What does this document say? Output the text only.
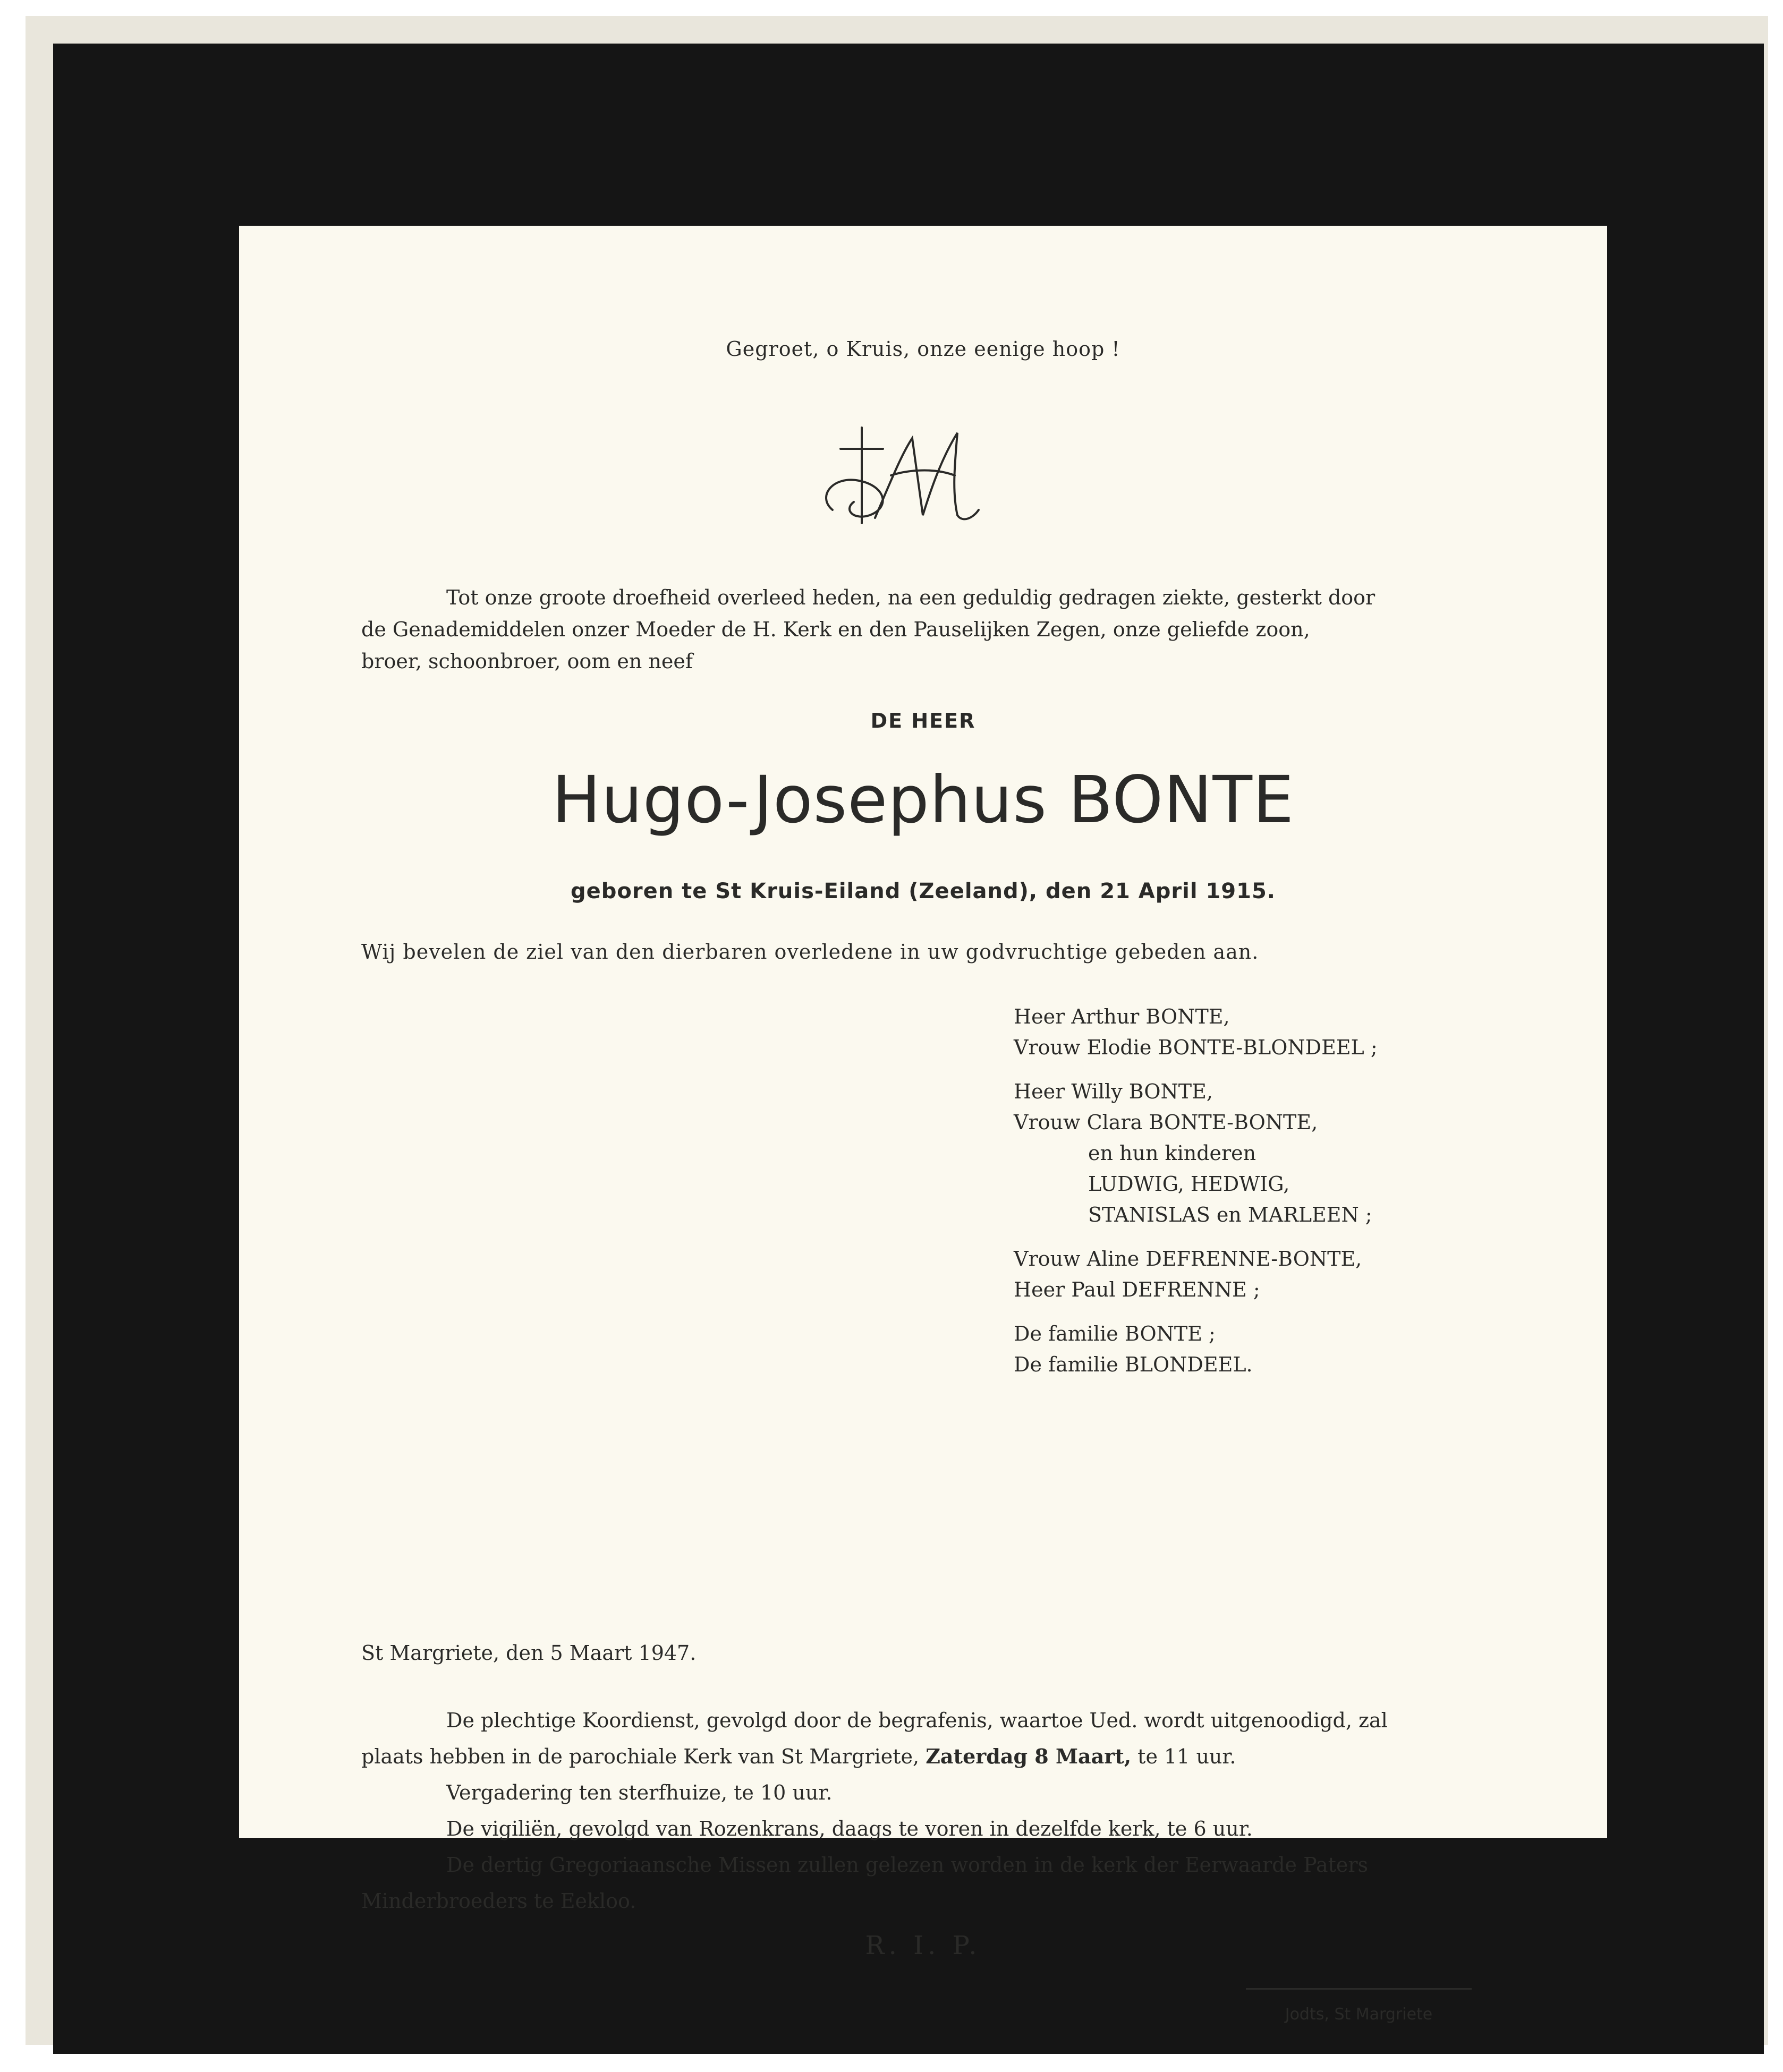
Gegroet, o Kruis, onze eenige hoop !
Tot onze groote droefheid overleed heden, na een geduldig gedragen ziekte, gesterkt door
de Genademiddelen onzer Moeder de H. Kerk en den Pauselijken Zegen, onze geliefde zoon,
broer, schoonbroer, oom en neef
DE HEER
Hugo-Josephus BONTE
geboren te St Kruis-Eiland (Zeeland), den 21 April 1915.
Wij bevelen de ziel van den dierbaren overledene in uw godvruchtige gebeden aan.
Heer Arthur BONTE,
Vrouw Elodie BONTE-BLONDEEL ;
Heer Willy BONTE,
Vrouw Clara BONTE-BONTE,
en hun kinderen
LUDWIG, HEDWIG,
STANISLAS en MARLEEN ;
Vrouw Aline DEFRENNE-BONTE,
Heer Paul DEFRENNE ;
De familie BONTE ;
De familie BLONDEEL.
St Margriete, den 5 Maart 1947.
De plechtige Koordienst, gevolgd door de begrafenis, waartoe Ued. wordt uitgenoodigd, zal
plaats hebben in de parochiale Kerk van St Margriete, Zaterdag 8 Maart, te 11 uur.
Vergadering ten sterfhuize, te 10 uur.
De vigiliën, gevolgd van Rozenkrans, daags te voren in dezelfde kerk, te 6 uur.
De dertig Gregoriaansche Missen zullen gelezen worden in de kerk der Eerwaarde Paters
Minderbroeders te Eekloo.
R. I. P.
Jodts, St Margriete
